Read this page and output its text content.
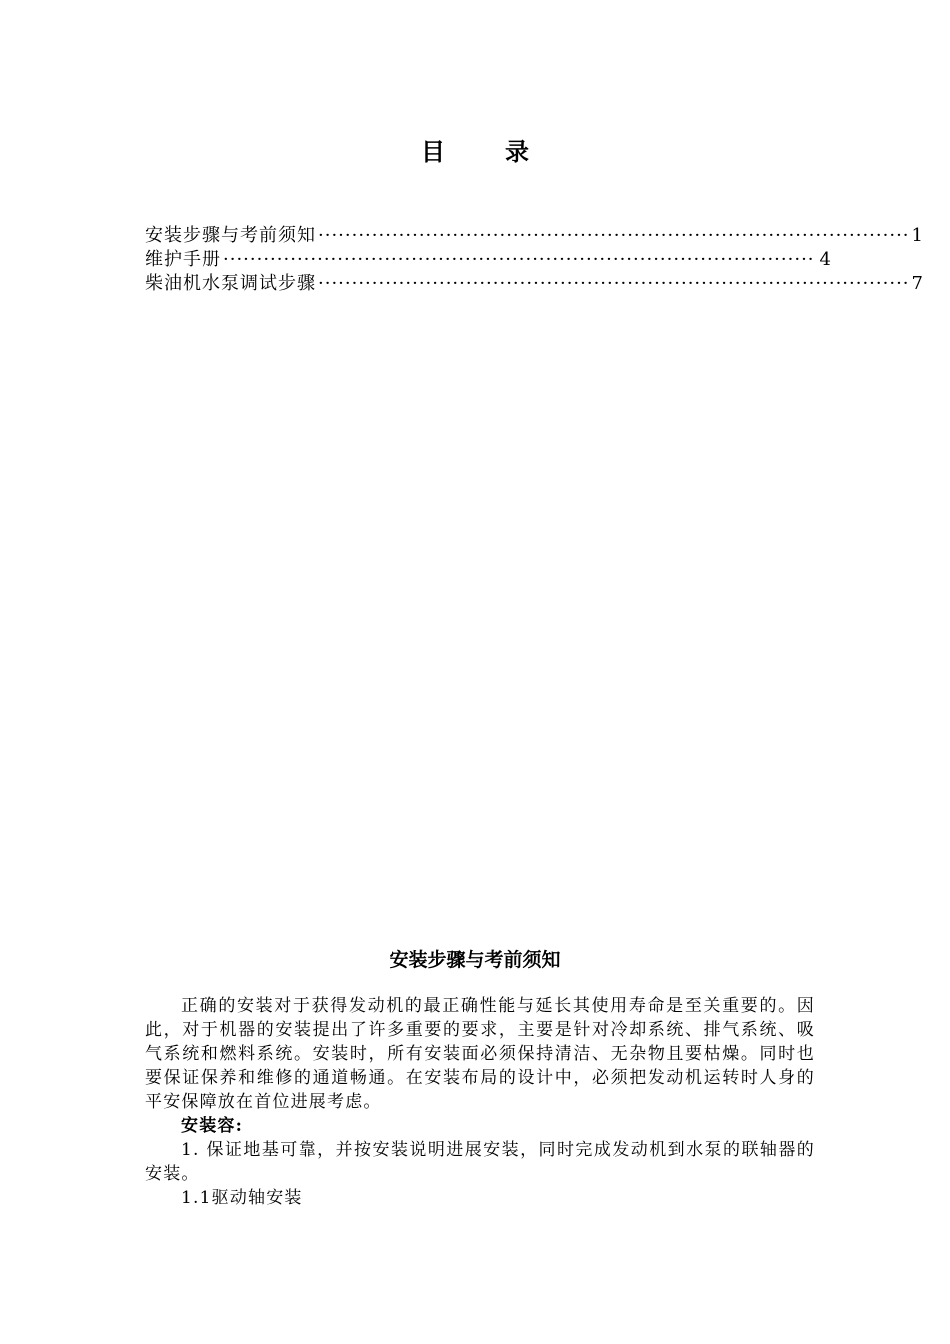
目录
安装步骤与考前须知 ························································································ 1
维护手册 ························································································ 4
柴油机水泵调试步骤 ························································································ 7
安装步骤与考前须知

正确的安装对于获得发动机的最正确性能与延长其使用寿命是至关重要的。因此，对于机器的安装提出了许多重要的要求，主要是针对冷却系统、排气系统、吸气系统和燃料系统。安装时，所有安装面必须保持清洁、无杂物且要枯燥。同时也要保证保养和维修的通道畅通。在安装布局的设计中，必须把发动机运转时人身的平安保障放在首位进展考虑。

安装容:

1. 保证地基可靠，并按安装说明进展安装，同时完成发动机到水泵的联轴器的安装。

1.1驱动轴安装
